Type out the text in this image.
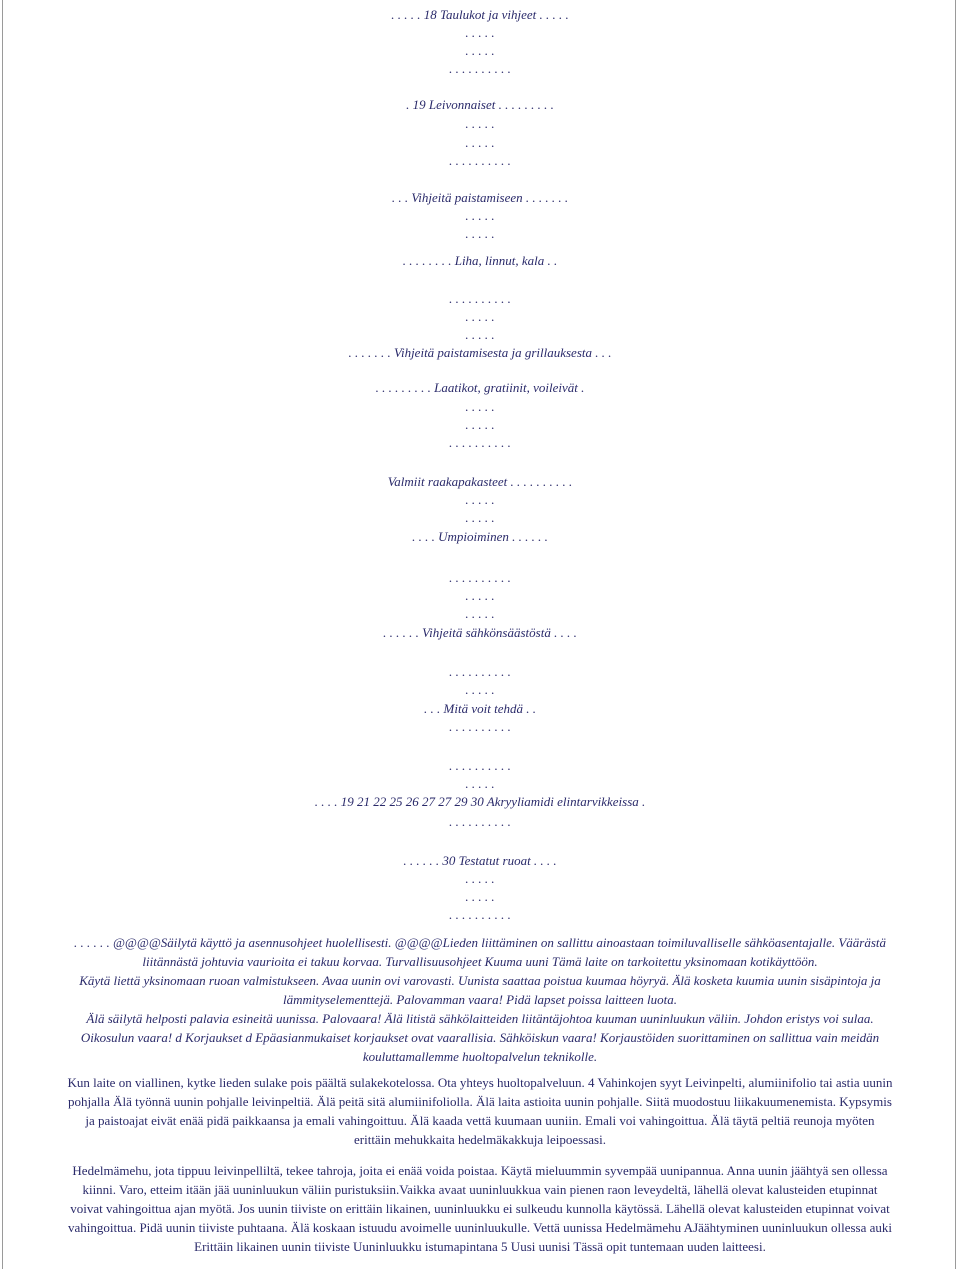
. . . . . 18 Taulukot ja vihjeet . . . . .
. . . . .
. . . . .
. . . . . . . . . .
. 19 Leivonnaiset . . . . . . . . .
. . . . .
. . . . .
. . . . . . . . . .
. . . Vihjeitä paistamiseen . . . . . . .
. . . . .
. . . . .
. . . . . . . . Liha, linnut, kala . .
. . . . . . . . . .
. . . . .
. . . . .
. . . . . . . Vihjeitä paistamisesta ja grillauksesta . . .
. . . . . . . . . Laatikot, gratiinit, voileivät .
. . . . .
. . . . .
. . . . . . . . . .
Valmiit raakapakasteet . . . . . . . . . .
. . . . .
. . . . .
. . . . Umpioiminen . . . . . .
. . . . . . . . . .
. . . . .
. . . . .
. . . . . . Vihjeitä sähkönsäästöstä . . . .
. . . . . . . . . .
. . . . .
. . . Mitä voit tehdä . .
. . . . . . . . . .
. . . . . . . . . .
. . . . .
. . . . 19 21 22 25 26 27 27 29 30 Akryyliamidi elintarvikkeissa .
. . . . . . . . . .
. . . . . . 30 Testatut ruoat . . . .
. . . . .
. . . . .
. . . . . . . . . .
. . . . . . @@@@Säilytä käyttö ja asennusohjeet huolellisesti. @@@@Lieden liittäminen on sallittu ainoastaan toimiluvalliselle sähköasentajalle. Väärästä
liitännästä johtuvia vaurioita ei takuu korvaa. Turvallisuusohjeet Kuuma uuni Tämä laite on tarkoitettu yksinomaan kotikäyttöön.
Käytä liettä yksinomaan ruoan valmistukseen. Avaa uunin ovi varovasti. Uunista saattaa poistua kuumaa höyryä. Älä kosketa kuumia uunin sisäpintoja ja
lämmityselementtejä. Palovamman vaara! Pidä lapset poissa laitteen luota.
Älä säilytä helposti palavia esineitä uunissa. Palovaara! Älä litistä sähkölaitteiden liitäntäjohtoa kuuman uuninluukun väliin. Johdon eristys voi sulaa.
Oikosulun vaara! d Korjaukset d Epäasianmukaiset korjaukset ovat vaarallisia. Sähköiskun vaara! Korjaustöiden suorittaminen on sallittua vain meidän
kouluttamallemme huoltopalvelun teknikolle.
Kun laite on viallinen, kytke lieden sulake pois päältä sulakekotelossa. Ota yhteys huoltopalveluun. 4 Vahinkojen syyt Leivinpelti, alumiinifolio tai astia uunin
pohjalla Älä työnnä uunin pohjalle leivinpeltiä. Älä peitä sitä alumiinifoliolla. Älä laita astioita uunin pohjalle. Siitä muodostuu liikakuumenemista. Kypsymis
ja paistoajat eivät enää pidä paikkaansa ja emali vahingoittuu. Älä kaada vettä kuumaan uuniin. Emali voi vahingoittua. Älä täytä peltiä reunoja myöten
erittäin mehukkaita hedelmäkakkuja leipoessasi.
Hedelmämehu, jota tippuu leivinpelliltä, tekee tahroja, joita ei enää voida poistaa. Käytä mieluummin syvempää uunipannua. Anna uunin jäähtyä sen ollessa
kiinni. Varo, etteim itään jää uuninluukun väliin puristuksiin.Vaikka avaat uuninluukkua vain pienen raon leveydeltä, lähellä olevat kalusteiden etupinnat
voivat vahingoittua ajan myötä. Jos uunin tiiviste on erittäin likainen, uuninluukku ei sulkeudu kunnolla käytössä. Lähellä olevat kalusteiden etupinnat voivat
vahingoittua. Pidä uunin tiiviste puhtaana. Älä koskaan istuudu avoimelle uuninluukulle. Vettä uunissa Hedelmämehu AJäähtyminen uuninluukun ollessa auki
Erittäin likainen uunin tiiviste Uuninluukku istumapintana 5 Uusi uunisi Tässä opit tuntemaan uuden laitteesi.
